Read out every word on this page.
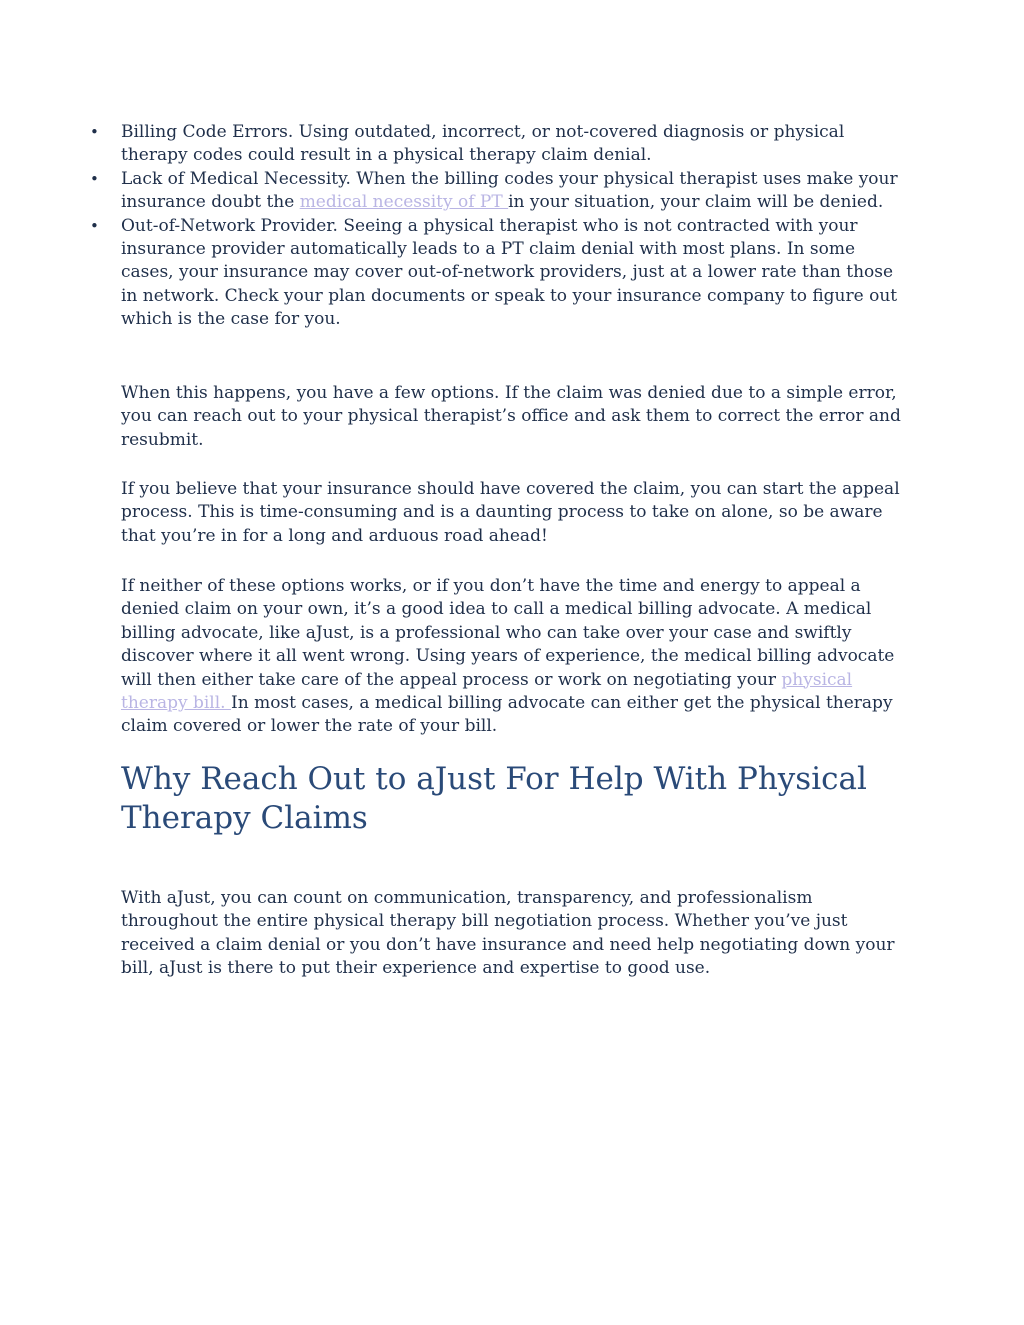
• Billing Code Errors. Using outdated, incorrect, or not-covered diagnosis or physical therapy codes could result in a physical therapy claim denial.
• Lack of Medical Necessity. When the billing codes your physical therapist uses make your insurance doubt the medical necessity of PT in your situation, your claim will be denied.
• Out-of-Network Provider. Seeing a physical therapist who is not contracted with your insurance provider automatically leads to a PT claim denial with most plans. In some cases, your insurance may cover out-of-network providers, just at a lower rate than those in network. Check your plan documents or speak to your insurance company to figure out which is the case for you.

When this happens, you have a few options. If the claim was denied due to a simple error, you can reach out to your physical therapist’s office and ask them to correct the error and resubmit.

If you believe that your insurance should have covered the claim, you can start the appeal process. This is time-consuming and is a daunting process to take on alone, so be aware that you’re in for a long and arduous road ahead!

If neither of these options works, or if you don’t have the time and energy to appeal a denied claim on your own, it’s a good idea to call a medical billing advocate. A medical billing advocate, like aJust, is a professional who can take over your case and swiftly discover where it all went wrong. Using years of experience, the medical billing advocate will then either take care of the appeal process or work on negotiating your physical therapy bill. In most cases, a medical billing advocate can either get the physical therapy claim covered or lower the rate of your bill.

Why Reach Out to aJust For Help With Physical Therapy Claims

With aJust, you can count on communication, transparency, and professionalism throughout the entire physical therapy bill negotiation process. Whether you’ve just received a claim denial or you don’t have insurance and need help negotiating down your bill, aJust is there to put their experience and expertise to good use.
